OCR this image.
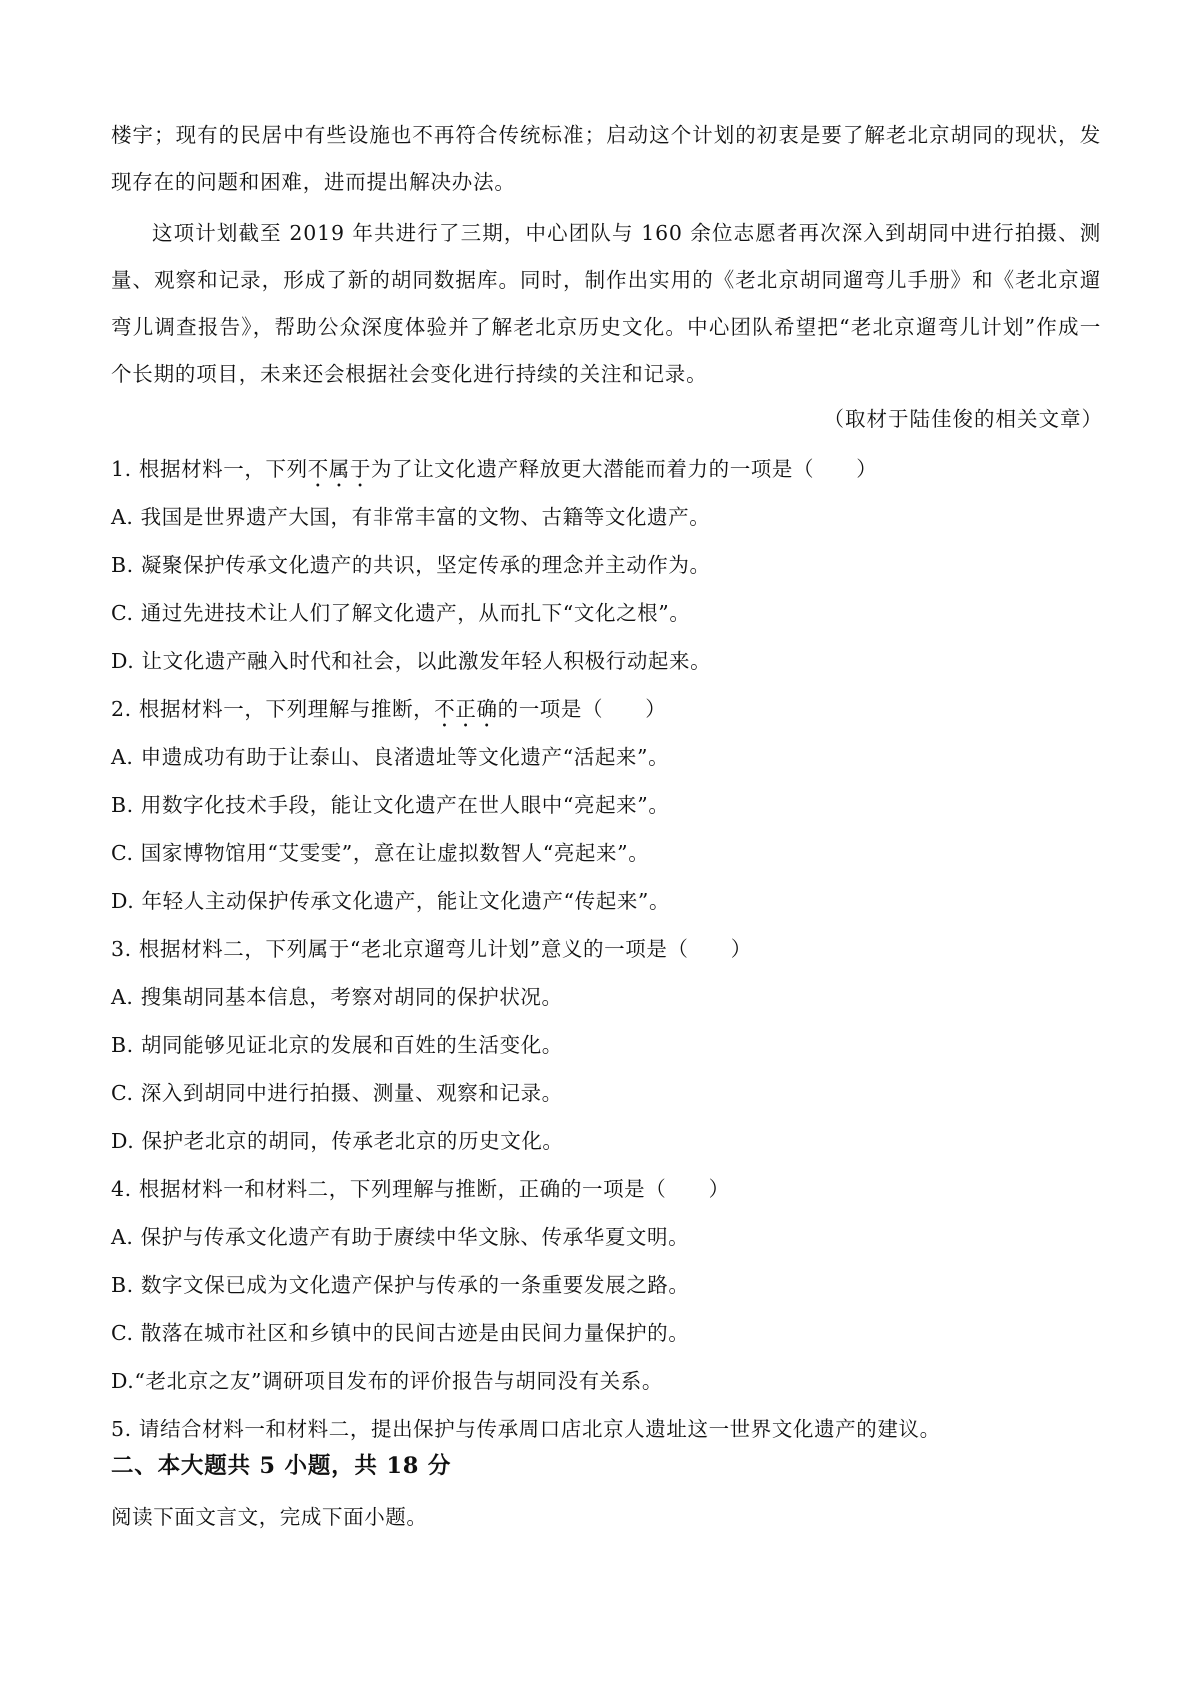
楼宇；现有的民居中有些设施也不再符合传统标准；启动这个计划的初衷是要了解老北京胡同的现状，发现存在的问题和困难，进而提出解决办法。

这项计划截至 2019 年共进行了三期，中心团队与 160 余位志愿者再次深入到胡同中进行拍摄、测量、观察和记录，形成了新的胡同数据库。同时，制作出实用的《老北京胡同遛弯儿手册》和《老北京遛弯儿调查报告》，帮助公众深度体验并了解老北京历史文化。中心团队希望把“老北京遛弯儿计划”作成一个长期的项目，未来还会根据社会变化进行持续的关注和记录。

（取材于陆佳俊的相关文章）

1. 根据材料一，下列不属于为了让文化遗产释放更大潜能而着力的一项是（　　）

A. 我国是世界遗产大国，有非常丰富的文物、古籍等文化遗产。

B. 凝聚保护传承文化遗产的共识，坚定传承的理念并主动作为。

C. 通过先进技术让人们了解文化遗产，从而扎下“文化之根”。

D. 让文化遗产融入时代和社会，以此激发年轻人积极行动起来。

2. 根据材料一，下列理解与推断，不正确的一项是（　　）

A. 申遗成功有助于让泰山、良渚遗址等文化遗产“活起来”。

B. 用数字化技术手段，能让文化遗产在世人眼中“亮起来”。

C. 国家博物馆用“艾雯雯”，意在让虚拟数智人“亮起来”。

D. 年轻人主动保护传承文化遗产，能让文化遗产“传起来”。

3. 根据材料二，下列属于“老北京遛弯儿计划”意义的一项是（　　）

A. 搜集胡同基本信息，考察对胡同的保护状况。

B. 胡同能够见证北京的发展和百姓的生活变化。

C. 深入到胡同中进行拍摄、测量、观察和记录。

D. 保护老北京的胡同，传承老北京的历史文化。

4. 根据材料一和材料二，下列理解与推断，正确的一项是（　　）

A. 保护与传承文化遗产有助于赓续中华文脉、传承华夏文明。

B. 数字文保已成为文化遗产保护与传承的一条重要发展之路。

C. 散落在城市社区和乡镇中的民间古迹是由民间力量保护的。

D.“老北京之友”调研项目发布的评价报告与胡同没有关系。

5. 请结合材料一和材料二，提出保护与传承周口店北京人遗址这一世界文化遗产的建议。

二、本大题共 5 小题，共 18 分

阅读下面文言文，完成下面小题。
